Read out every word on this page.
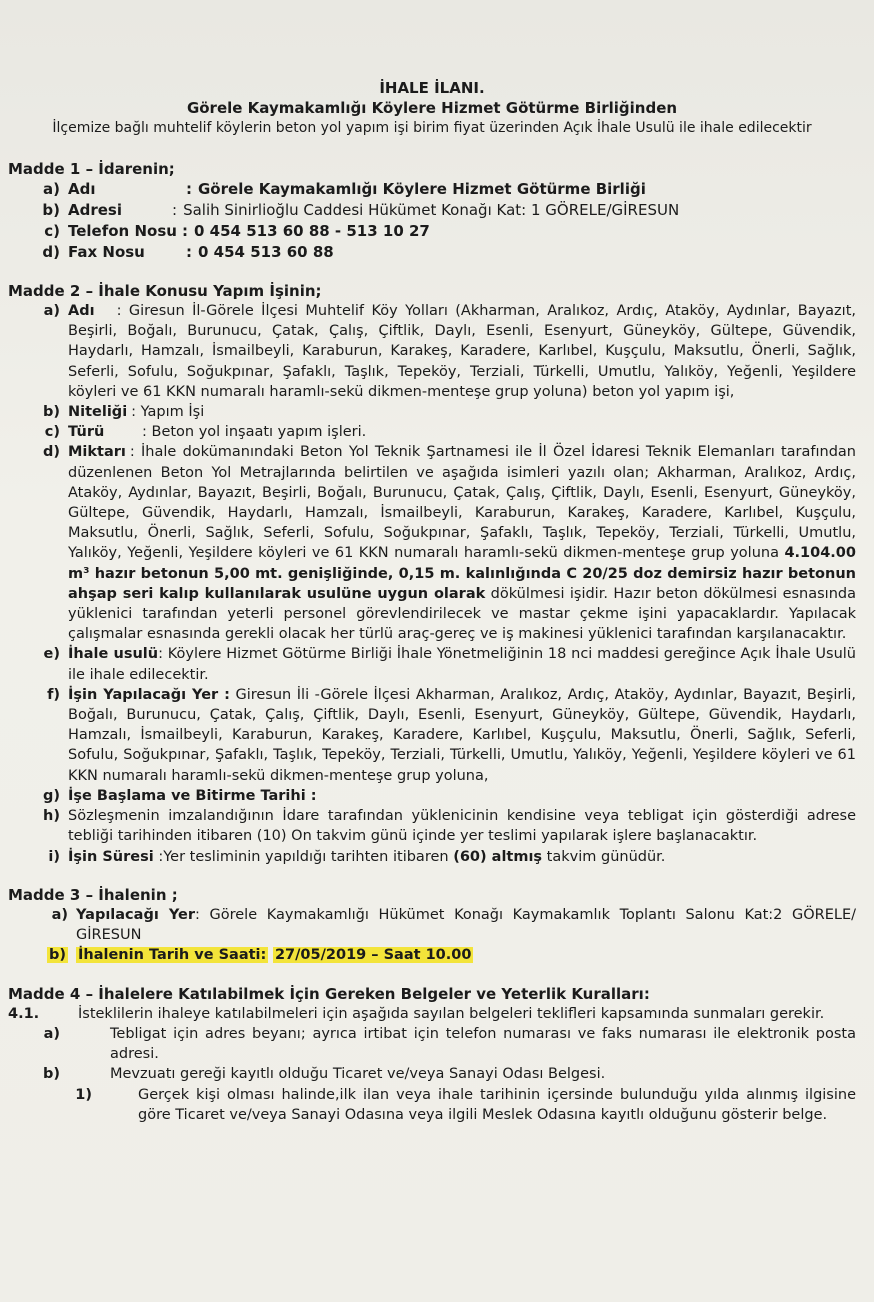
İHALE İLANI.

Görele Kaymakamlığı Köylere Hizmet Götürme Birliğinden

İlçemize bağlı muhtelif köylerin beton yol yapım işi birim fiyat üzerinden Açık İhale Usulü ile ihale edilecektir

Madde 1 – İdarenin;
a) Adı	: Görele Kaymakamlığı Köylere Hizmet Götürme Birliği
b) Adresi	: Salih Sinirlioğlu Caddesi Hükümet Konağı Kat: 1 GÖRELE/GİRESUN
c) Telefon Nosu : 0 454 513 60 88 - 513 10 27
d) Fax Nosu	: 0 454 513 60 88
Madde 2 – İhale Konusu Yapım İşinin;
a) Adı : Giresun İl-Görele İlçesi Muhtelif Köy Yolları (Akharman, Aralıkoz, Ardıç, Ataköy, Aydınlar, Bayazıt, Beşirli, Boğalı, Burunucu, Çatak, Çalış, Çiftlik, Daylı, Esenli, Esenyurt, Güneyköy, Gültepe, Güvendik, Haydarlı, Hamzalı, İsmailbeyli, Karaburun, Karakeş, Karadere, Karlıbel, Kuşçulu, Maksutlu, Önerli, Sağlık, Seferli, Sofulu, Soğukpınar, Şafaklı, Taşlık, Tepeköy, Terziali, Türkelli, Umutlu, Yalıköy, Yeğenli, Yeşildere köyleri ve 61 KKN numaralı haramlı-sekü dikmen-menteşe grup yoluna) beton yol yapım işi,
b) Niteliği : Yapım İşi
c) Türü	: Beton yol inşaatı yapım işleri.
d) Miktarı : İhale dokümanındaki Beton Yol Teknik Şartnamesi ile İl Özel İdaresi Teknik Elemanları tarafından düzenlenen Beton Yol Metrajlarında belirtilen ve aşağıda isimleri yazılı olan; Akharman, Aralıkoz, Ardıç, Ataköy, Aydınlar, Bayazıt, Beşirli, Boğalı, Burunucu, Çatak, Çalış, Çiftlik, Daylı, Esenli, Esenyurt, Güneyköy, Gültepe, Güvendik, Haydarlı, Hamzalı, İsmailbeyli, Karaburun, Karakeş, Karadere, Karlıbel, Kuşçulu, Maksutlu, Önerli, Sağlık, Seferli, Sofulu, Soğukpınar, Şafaklı, Taşlık, Tepeköy, Terziali, Türkelli, Umutlu, Yalıköy, Yeğenli, Yeşildere köyleri ve 61 KKN numaralı haramlı-sekü dikmen-menteşe grup yoluna 4.104.00 m³ hazır betonun 5,00 mt. genişliğinde, 0,15 m. kalınlığında C 20/25 doz demirsiz hazır betonun ahşap seri kalıp kullanılarak usulüne uygun olarak dökülmesi işidir. Hazır beton dökülmesi esnasında yüklenici tarafından yeterli personel görevlendirilecek ve mastar çekme işini yapacaklardır. Yapılacak çalışmalar esnasında gerekli olacak her türlü araç-gereç ve iş makinesi yüklenici tarafından karşılanacaktır.
e) İhale usulü: Köylere Hizmet Götürme Birliği İhale Yönetmeliğinin 18 nci maddesi gereğince Açık İhale Usulü ile ihale edilecektir.
f) İşin Yapılacağı Yer : Giresun İli -Görele İlçesi Akharman, Aralıkoz, Ardıç, Ataköy, Aydınlar, Bayazıt, Beşirli, Boğalı, Burunucu, Çatak, Çalış, Çiftlik, Daylı, Esenli, Esenyurt, Güneyköy, Gültepe, Güvendik, Haydarlı, Hamzalı, İsmailbeyli, Karaburun, Karakeş, Karadere, Karlıbel, Kuşçulu, Maksutlu, Önerli, Sağlık, Seferli, Sofulu, Soğukpınar, Şafaklı, Taşlık, Tepeköy, Terziali, Türkelli, Umutlu, Yalıköy, Yeğenli, Yeşildere köyleri ve 61 KKN numaralı haramlı-sekü dikmen-menteşe grup yoluna,
g) İşe Başlama ve Bitirme Tarihi :
h) Sözleşmenin imzalandığının İdare tarafından yüklenicinin kendisine veya tebligat için gösterdiği adrese tebliği tarihinden itibaren (10) On takvim günü içinde yer teslimi yapılarak işlere başlanacaktır.
i) İşin Süresi :Yer tesliminin yapıldığı tarihten itibaren (60) altmış takvim günüdür.
Madde 3 – İhalenin ;
a) Yapılacağı Yer: Görele Kaymakamlığı Hükümet Konağı Kaymakamlık Toplantı Salonu Kat:2 GÖRELE/ GİRESUN
b) İhalenin Tarih ve Saati: 27/05/2019 – Saat 10.00
Madde 4 – İhalelere Katılabilmek İçin Gereken Belgeler ve Yeterlik Kuralları:
4.1.	İsteklilerin ihaleye katılabilmeleri için aşağıda sayılan belgeleri teklifleri kapsamında sunmaları gerekir.
a)	Tebligat için adres beyanı; ayrıca irtibat için telefon numarası ve faks numarası ile elektronik posta adresi.
b)	Mevzuatı gereği kayıtlı olduğu Ticaret ve/veya Sanayi Odası Belgesi.
1)	Gerçek kişi olması halinde,ilk ilan veya ihale tarihinin içersinde bulunduğu yılda alınmış ilgisine göre Ticaret ve/veya Sanayi Odasına veya ilgili Meslek Odasına kayıtlı olduğunu gösterir belge.
